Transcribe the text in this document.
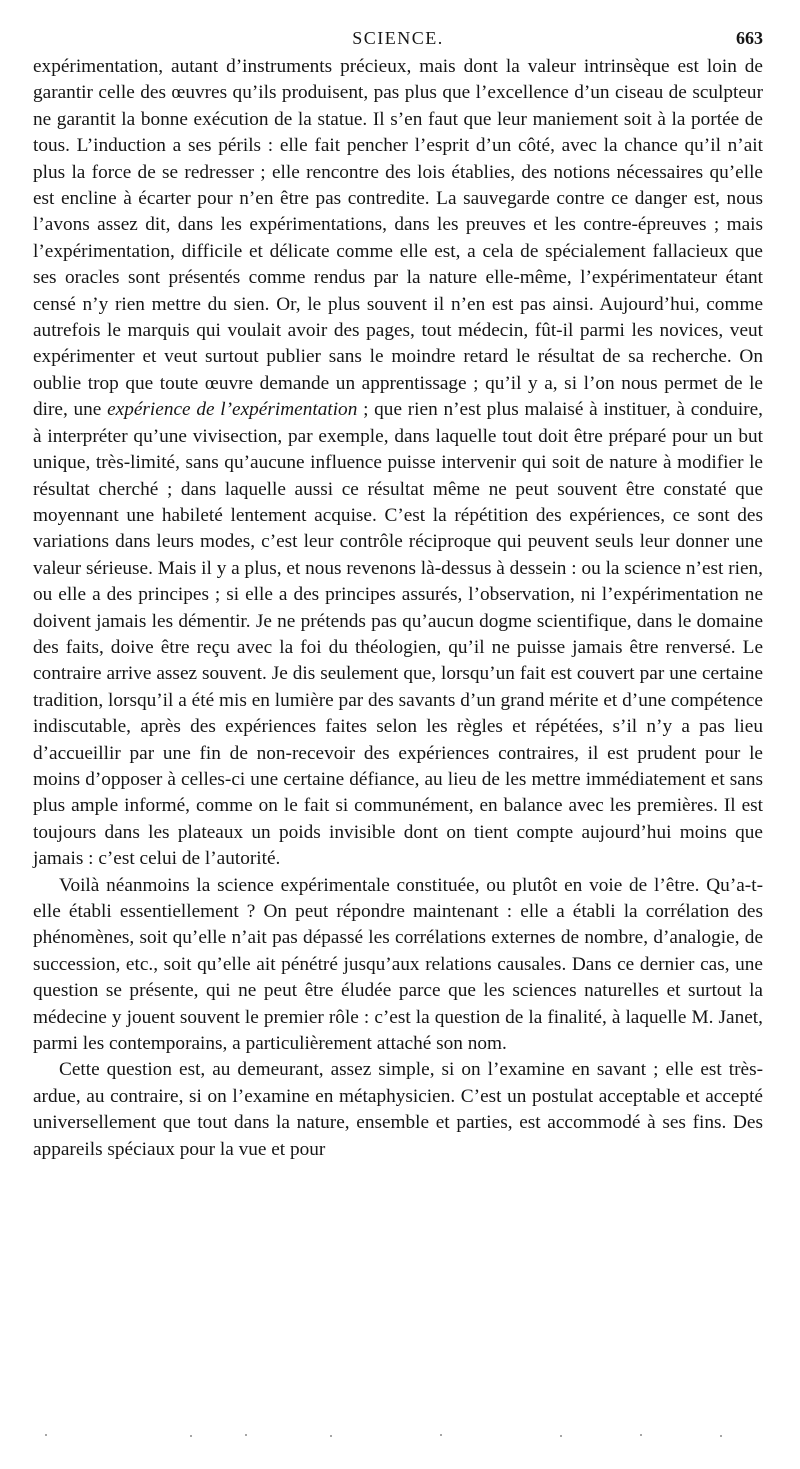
SCIENCE.	663

expérimentation, autant d’instruments précieux, mais dont la valeur intrinsèque est loin de garantir celle des œuvres qu’ils produisent, pas plus que l’excellence d’un ciseau de sculpteur ne garantit la bonne exécution de la statue. Il s’en faut que leur maniement soit à la portée de tous. L’induction a ses périls : elle fait pencher l’esprit d’un côté, avec la chance qu’il n’ait plus la force de se redresser ; elle rencontre des lois établies, des notions nécessaires qu’elle est encline à écarter pour n’en être pas contredite. La sauvegarde contre ce danger est, nous l’avons assez dit, dans les expérimentations, dans les preuves et les contre-épreuves ; mais l’expérimentation, difficile et délicate comme elle est, a cela de spécialement fallacieux que ses oracles sont présentés comme rendus par la nature elle-même, l’expérimentateur étant censé n’y rien mettre du sien. Or, le plus souvent il n’en est pas ainsi. Aujourd’hui, comme autrefois le marquis qui voulait avoir des pages, tout médecin, fût-il parmi les novices, veut expérimenter et veut surtout publier sans le moindre retard le résultat de sa recherche. On oublie trop que toute œuvre demande un apprentissage ; qu’il y a, si l’on nous permet de le dire, une expérience de l’expérimentation ; que rien n’est plus malaisé à instituer, à conduire, à interpréter qu’une vivisection, par exemple, dans laquelle tout doit être préparé pour un but unique, très-limité, sans qu’aucune influence puisse intervenir qui soit de nature à modifier le résultat cherché ; dans laquelle aussi ce résultat même ne peut souvent être constaté que moyennant une habileté lentement acquise. C’est la répétition des expériences, ce sont des variations dans leurs modes, c’est leur contrôle réciproque qui peuvent seuls leur donner une valeur sérieuse. Mais il y a plus, et nous revenons là-dessus à dessein : ou la science n’est rien, ou elle a des principes ; si elle a des principes assurés, l’observation, ni l’expérimentation ne doivent jamais les démentir. Je ne prétends pas qu’aucun dogme scientifique, dans le domaine des faits, doive être reçu avec la foi du théologien, qu’il ne puisse jamais être renversé. Le contraire arrive assez souvent. Je dis seulement que, lorsqu’un fait est couvert par une certaine tradition, lorsqu’il a été mis en lumière par des savants d’un grand mérite et d’une compétence indiscutable, après des expériences faites selon les règles et répétées, s’il n’y a pas lieu d’accueillir par une fin de non-recevoir des expériences contraires, il est prudent pour le moins d’opposer à celles-ci une certaine défiance, au lieu de les mettre immédiatement et sans plus ample informé, comme on le fait si communément, en balance avec les premières. Il est toujours dans les plateaux un poids invisible dont on tient compte aujourd’hui moins que jamais : c’est celui de l’autorité.

Voilà néanmoins la science expérimentale constituée, ou plutôt en voie de l’être. Qu’a-t-elle établi essentiellement ? On peut répondre maintenant : elle a établi la corrélation des phénomènes, soit qu’elle n’ait pas dépassé les corrélations externes de nombre, d’analogie, de succession, etc., soit qu’elle ait pénétré jusqu’aux relations causales. Dans ce dernier cas, une question se présente, qui ne peut être éludée parce que les sciences naturelles et surtout la médecine y jouent souvent le premier rôle : c’est la question de la finalité, à laquelle M. Janet, parmi les contemporains, a particulièrement attaché son nom.

Cette question est, au demeurant, assez simple, si on l’examine en savant ; elle est très-ardue, au contraire, si on l’examine en métaphysicien. C’est un postulat acceptable et accepté universellement que tout dans la nature, ensemble et parties, est accommodé à ses fins. Des appareils spéciaux pour la vue et pour
